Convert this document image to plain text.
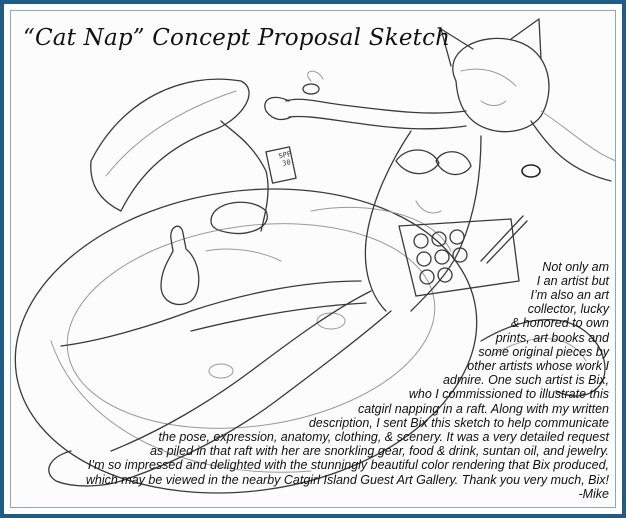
SPF
30
“Cat Nap” Concept Proposal Sketch
Not only am
I an artist but
I’m also an art
collector, lucky
& honored to own
prints, art books and
some original pieces by
other artists whose work I
admire. One such artist is Bix,
who I commissioned to illustrate this
catgirl napping in a raft. Along with my written
description, I sent Bix this sketch to help communicate
the pose, expression, anatomy, clothing, & scenery. It was a very detailed request
as piled in that raft with her are snorkling gear, food & drink, suntan oil, and jewelry.
I’m so impressed and delighted with the stunningly beautiful color rendering that Bix produced,
which may be viewed in the nearby Catgirl Island Guest Art Gallery. Thank you very much, Bix!
-Mike
